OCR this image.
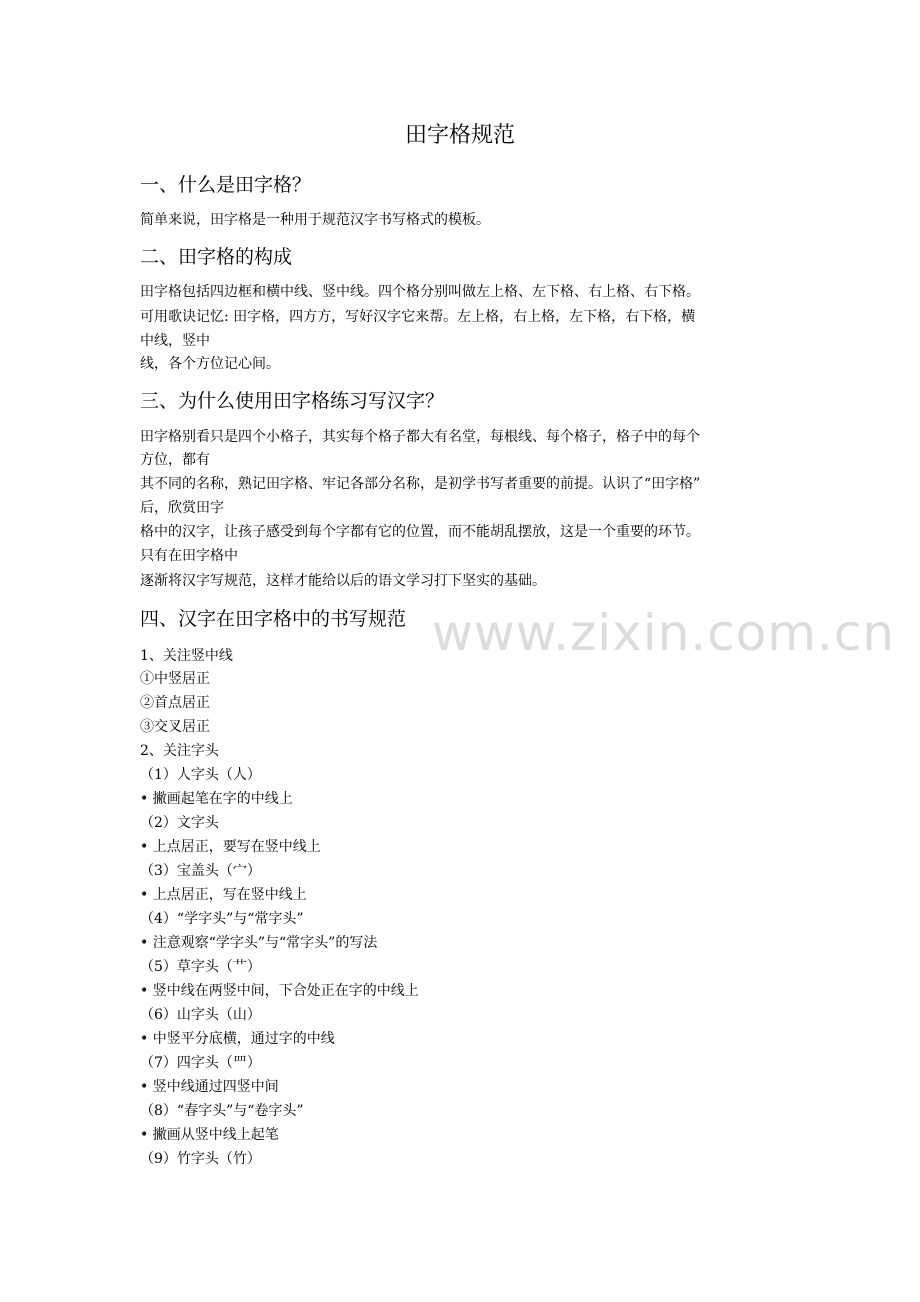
www.zixin.com.cn
田字格规范
一、什么是田字格？

简单来说，田字格是一种用于规范汉字书写格式的模板。

二、田字格的构成

田字格包括四边框和横中线、竖中线。四个格分别叫做左上格、左下格、右上格、右下格。

可用歌诀记忆: 田字格，四方方，写好汉字它来帮。左上格，右上格，左下格，右下格，横

中线，竖中

线，各个方位记心间。

三、为什么使用田字格练习写汉字？

田字格别看只是四个小格子，其实每个格子都大有名堂，每根线、每个格子，格子中的每个

方位，都有

其不同的名称，熟记田字格、牢记各部分名称，是初学书写者重要的前提。认识了“田字格”

后，欣赏田字

格中的汉字，让孩子感受到每个字都有它的位置，而不能胡乱摆放，这是一个重要的环节。

只有在田字格中

逐渐将汉字写规范，这样才能给以后的语文学习打下坚实的基础。

四、汉字在田字格中的书写规范

1、关注竖中线

①中竖居正

②首点居正

③交叉居正

2、关注字头

（1）人字头（人）

• 撇画起笔在字的中线上

（2）文字头

• 上点居正，要写在竖中线上

（3）宝盖头（宀）

• 上点居正，写在竖中线上

（4）“学字头”与“常字头”

• 注意观察“学字头”与“常字头”的写法

（5）草字头（艹）

• 竖中线在两竖中间，下合处正在字的中线上

（6）山字头（山）

• 中竖平分底横，通过字的中线

（7）四字头（罒）

• 竖中线通过四竖中间

（8）“春字头”与“卷字头”

• 撇画从竖中线上起笔

（9）竹字头（竹）
